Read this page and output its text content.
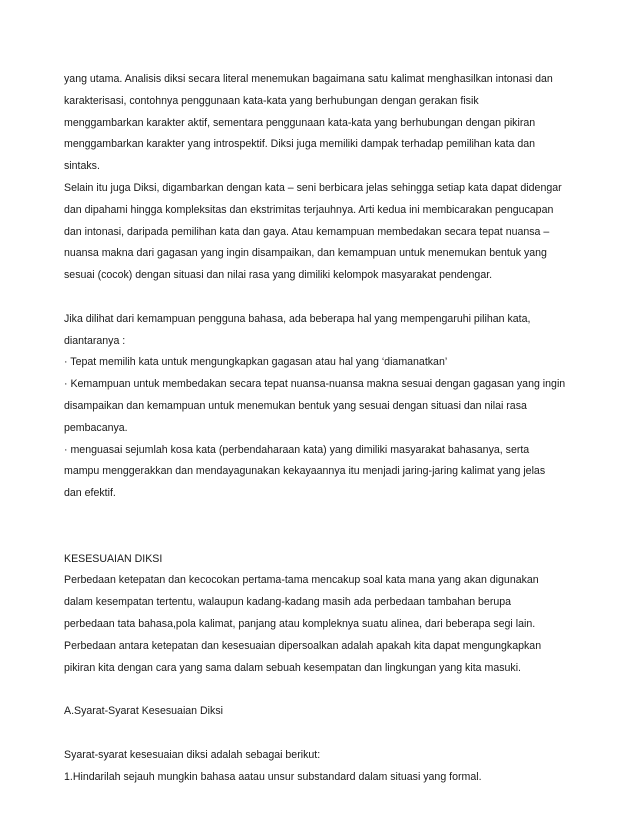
yang utama. Analisis diksi secara literal menemukan bagaimana satu kalimat menghasilkan intonasi dan
karakterisasi, contohnya penggunaan kata-kata yang berhubungan dengan gerakan fisik
menggambarkan karakter aktif, sementara penggunaan kata-kata yang berhubungan dengan pikiran
menggambarkan karakter yang introspektif. Diksi juga memiliki dampak terhadap pemilihan kata dan
sintaks.
Selain itu juga Diksi, digambarkan dengan kata – seni berbicara jelas sehingga setiap kata dapat didengar
dan dipahami hingga kompleksitas dan ekstrimitas terjauhnya. Arti kedua ini membicarakan pengucapan
dan intonasi, daripada pemilihan kata dan gaya. Atau kemampuan membedakan secara tepat nuansa –
nuansa makna dari gagasan yang ingin disampaikan, dan kemampuan untuk menemukan bentuk yang
sesuai (cocok) dengan situasi dan nilai rasa yang dimiliki kelompok masyarakat pendengar.
Jika dilihat dari kemampuan pengguna bahasa, ada beberapa hal yang mempengaruhi pilihan kata,
diantaranya :
· Tepat memilih kata untuk mengungkapkan gagasan atau hal yang ‘diamanatkan’
· Kemampuan untuk membedakan secara tepat nuansa-nuansa makna sesuai dengan gagasan yang ingin
disampaikan dan kemampuan untuk menemukan bentuk yang sesuai dengan situasi dan nilai rasa
pembacanya.
· menguasai sejumlah kosa kata (perbendaharaan kata) yang dimiliki masyarakat bahasanya, serta
mampu menggerakkan dan mendayagunakan kekayaannya itu menjadi jaring-jaring kalimat yang jelas
dan efektif.
KESESUAIAN DIKSI
Perbedaan ketepatan dan kecocokan pertama-tama mencakup soal kata mana yang akan digunakan
dalam kesempatan tertentu, walaupun kadang-kadang masih ada perbedaan tambahan berupa
perbedaan tata bahasa,pola kalimat, panjang atau kompleknya suatu alinea, dari beberapa segi lain.
Perbedaan antara ketepatan dan kesesuaian dipersoalkan adalah apakah kita dapat mengungkapkan
pikiran kita dengan cara yang sama dalam sebuah kesempatan dan lingkungan yang kita masuki.
A.Syarat-Syarat Kesesuaian Diksi
Syarat-syarat kesesuaian diksi adalah sebagai berikut:
1.Hindarilah sejauh mungkin bahasa aatau unsur substandard dalam situasi yang formal.
